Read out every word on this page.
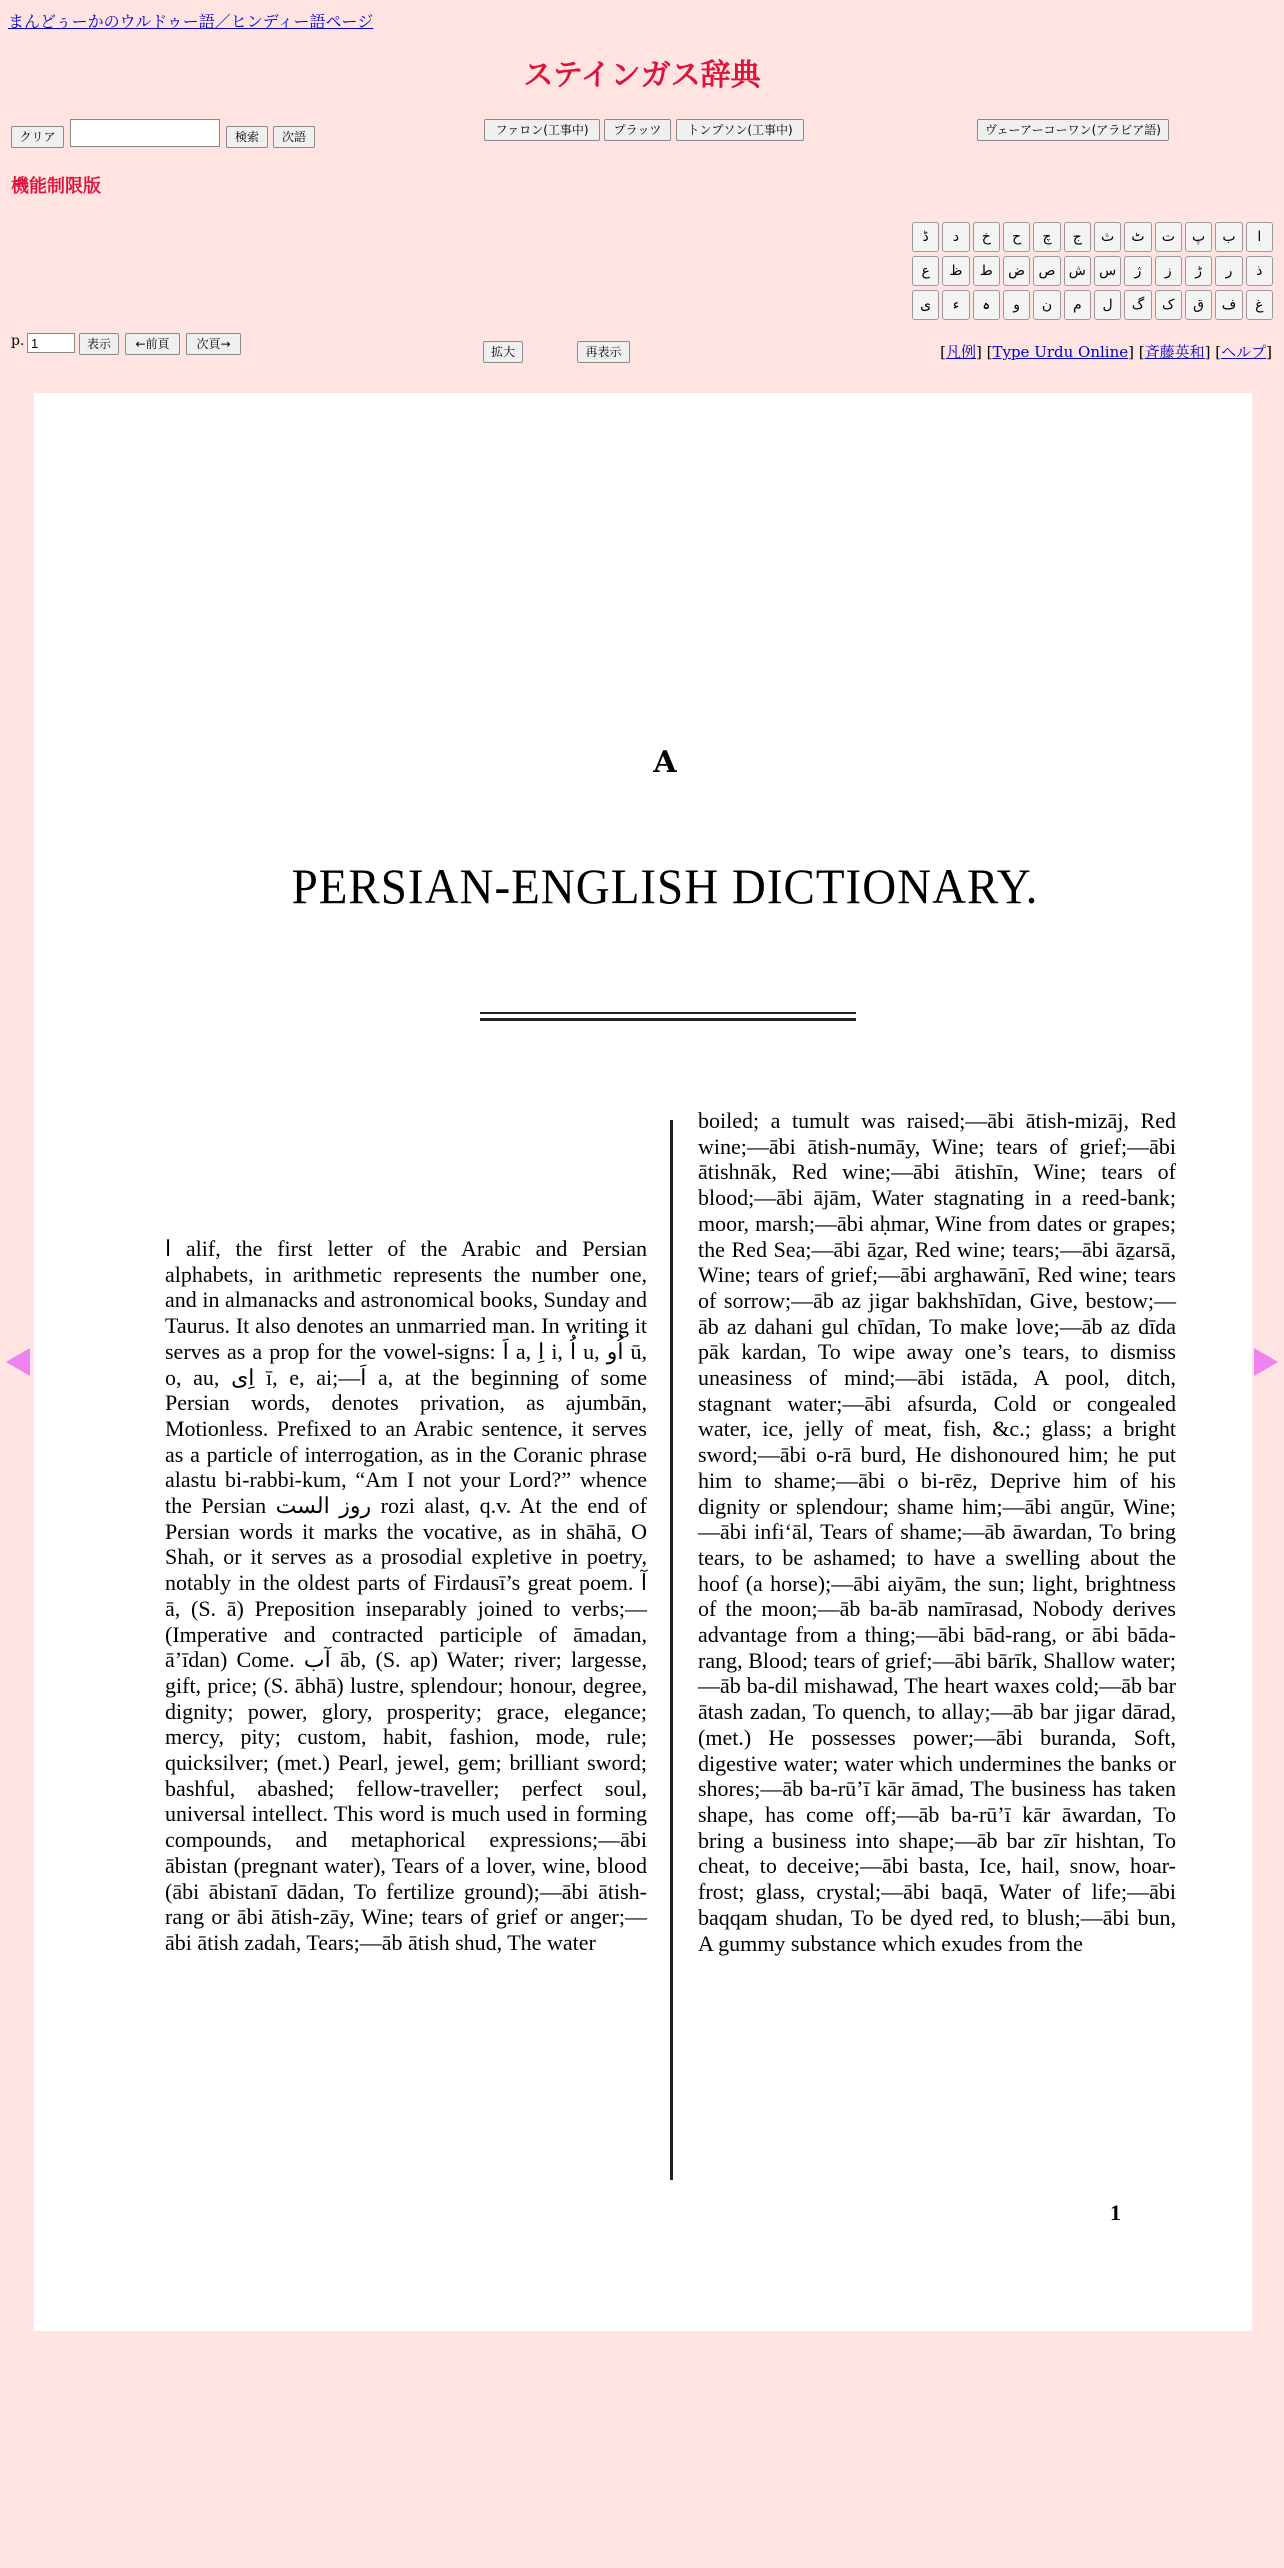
まんどぅーかのウルドゥー語／ヒンディー語ページ
ステインガス辞典
クリア	検索	次語	ファロン(工事中)	プラッツ	トンプソン(工事中)	ヴェーアーコーワン(アラビア語)
機能制限版
ڈ	د	خ	ح	چ	ج	ث	ٹ	ت	پ	ب	ا
ع	ظ	ط	ض ص ش س	ژ	ز	ڑ	ر	ذ
ی	ء	ہ	و	ن	م	ل	گ	ک	ق	ف	غ
p.
1	表示	←前頁	次頁→
拡大	再表示	[凡例] [Type Urdu Online] [斉藤英和] [ヘルプ]
A
PERSIAN-ENGLISH DICTIONARY.
ا alif, the first letter of the Arabic and Persian alphabets, in arithmetic represents the number one, and in almanacks and astronomical books, Sunday and Taurus. It also denotes an unmarried man. In writing it serves as a prop for the vowel-signs: اَ a, اِ i, اُ u, اُو ū, o, au, اِی ī, e, ai;—اَ a, at the beginning of some Persian words, denotes privation, as ajumbān, Motionless. Prefixed to an Arabic sentence, it serves as a particle of interrogation, as in the Coranic phrase alastu bi-rabbi-kum, “Am I not your Lord?” whence the Persian روز الست rozi alast, q.v. At the end of Persian words it marks the vocative, as in shāhā, O Shah, or it serves as a prosodial expletive in poetry, notably in the oldest parts of Firdausī’s great poem. آ ā, (S. ā) Preposition inseparably joined to verbs;—(Imperative and contracted participle of āmadan, ā’īdan) Come. آب āb, (S. ap) Water; river; largesse, gift, price; (S. ābhā) lustre, splendour; honour, degree, dignity; power, glory, prosperity; grace, elegance; mercy, pity; custom, habit, fashion, mode, rule; quicksilver; (met.) Pearl, jewel, gem; brilliant sword; bashful, abashed; fellow-traveller; perfect soul, universal intellect. This word is much used in forming compounds, and metaphorical expressions;—ābi ābistan (pregnant water), Tears of a lover, wine, blood (ābi ābistanī dādan, To fertilize ground);—ābi ātish-rang or ābi ātish-zāy, Wine; tears of grief or anger;—ābi ātish zadah, Tears;—āb ātish shud, The water
boiled; a tumult was raised;—ābi ātish-mizāj, Red wine;—ābi ātish-numāy, Wine; tears of grief;—ābi ātishnāk, Red wine;—ābi ātishīn, Wine; tears of blood;—ābi ājām, Water stagnating in a reed-bank; moor, marsh;—ābi aḥmar, Wine from dates or grapes; the Red Sea;—ābi āẕar, Red wine; tears;—ābi āẕarsā, Wine; tears of grief;—ābi arghawānī, Red wine; tears of sorrow;—āb az jigar bakhshīdan, Give, bestow;—āb az dahani gul chīdan, To make love;—āb az dīda pāk kardan, To wipe away one’s tears, to dismiss uneasiness of mind;—ābi istāda, A pool, ditch, stagnant water;—ābi afsurda, Cold or congealed water, ice, jelly of meat, fish, &c.; glass; a bright sword;—ābi o-rā burd, He dishonoured him; he put him to shame;—ābi o bi-rēz, Deprive him of his dignity or splendour; shame him;—ābi angūr, Wine;—ābi infi‘āl, Tears of shame;—āb āwardan, To bring tears, to be ashamed; to have a swelling about the hoof (a horse);—ābi aiyām, the sun; light, brightness of the moon;—āb ba-āb namīrasad, Nobody derives advantage from a thing;—ābi bād-rang, or ābi bāda-rang, Blood; tears of grief;—ābi bārīk, Shallow water;—āb ba-dil mishawad, The heart waxes cold;—āb bar ātash zadan, To quench, to allay;—āb bar jigar dārad, (met.) He possesses power;—ābi buranda, Soft, digestive water; water which undermines the banks or shores;—āb ba-rū’ī kār āmad, The business has taken shape, has come off;—āb ba-rū’ī kār āwardan, To bring a business into shape;—āb bar zīr hishtan, To cheat, to deceive;—ābi basta, Ice, hail, snow, hoar-frost; glass, crystal;—ābi baqā, Water of life;—ābi baqqam shudan, To be dyed red, to blush;—ābi bun, A gummy substance which exudes from the
1
